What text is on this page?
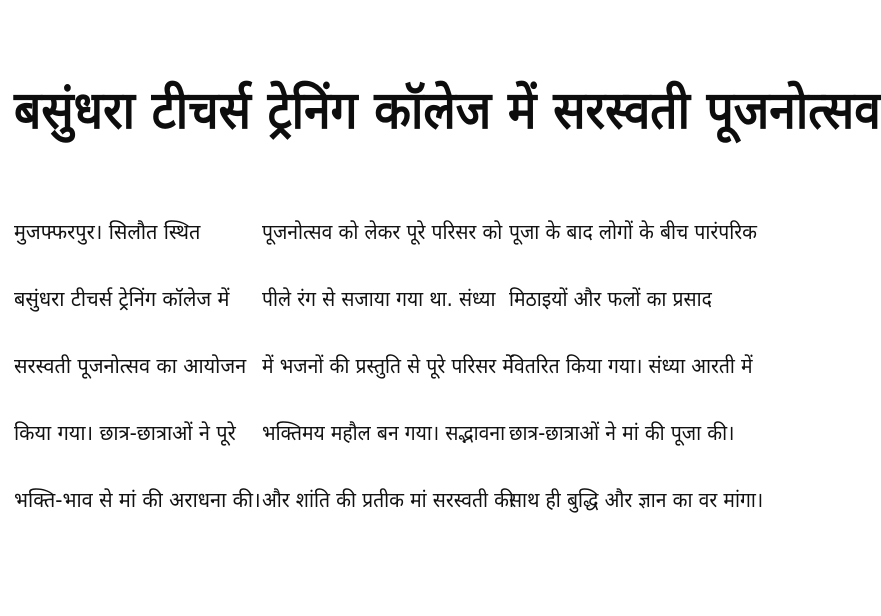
बसुंधरा टीचर्स ट्रेनिंग कॉलेज में सरस्वती पूजनोत्सव
मुजफ्फरपुर। सिलौत स्थित
बसुंधरा टीचर्स ट्रेनिंग कॉलेज में
सरस्वती पूजनोत्सव का आयोजन
किया गया। छात्र-छात्राओं ने पूरे
भक्ति-भाव से मां की अराधना की।
पूजनोत्सव को लेकर पूरे परिसर को
पीले रंग से सजाया गया था. संध्या
में भजनों की प्रस्तुति से पूरे परिसर में
भक्तिमय महौल बन गया। सद्भावना
और शांति की प्रतीक मां सरस्वती की
पूजा के बाद लोगों के बीच पारंपरिक
मिठाइयों और फलों का प्रसाद
वितरित किया गया। संध्या आरती में
छात्र-छात्राओं ने मां की पूजा की।
साथ ही बुद्धि और ज्ञान का वर मांगा।
